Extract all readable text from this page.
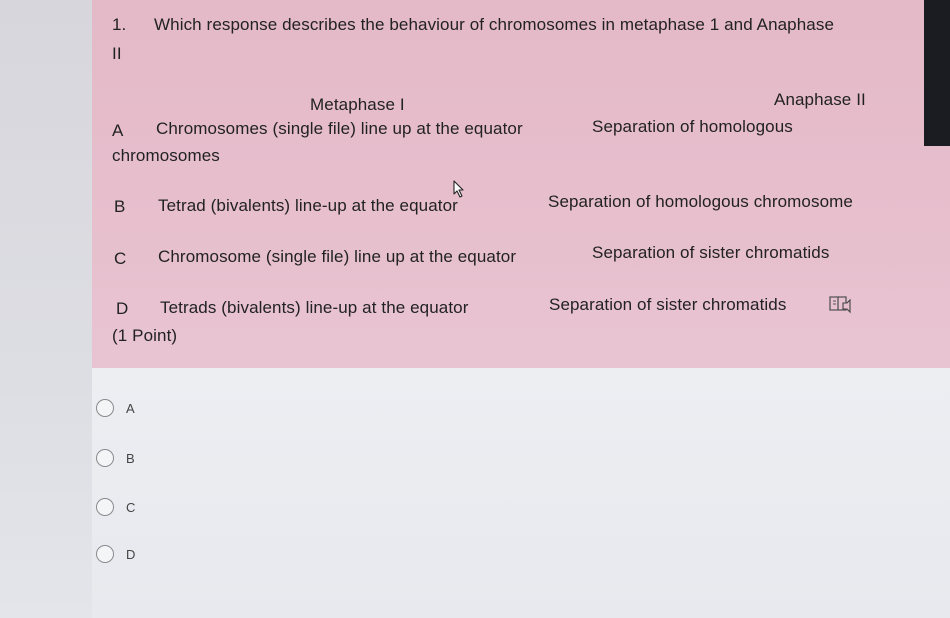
1. Which response describes the behaviour of chromosomes in metaphase 1 and Anaphase
II
Metaphase I	Anaphase II
A Chromosomes (single file) line up at the equator	Separation of homologous
chromosomes
B Tetrad (bivalents) line-up at the equator	Separation of homologous chromosome
C Chromosome (single file) line up at the equator	Separation of sister chromatids
D Tetrads (bivalents) line-up at the equator	Separation of sister chromatids
(1 Point)
A
B
C
D
